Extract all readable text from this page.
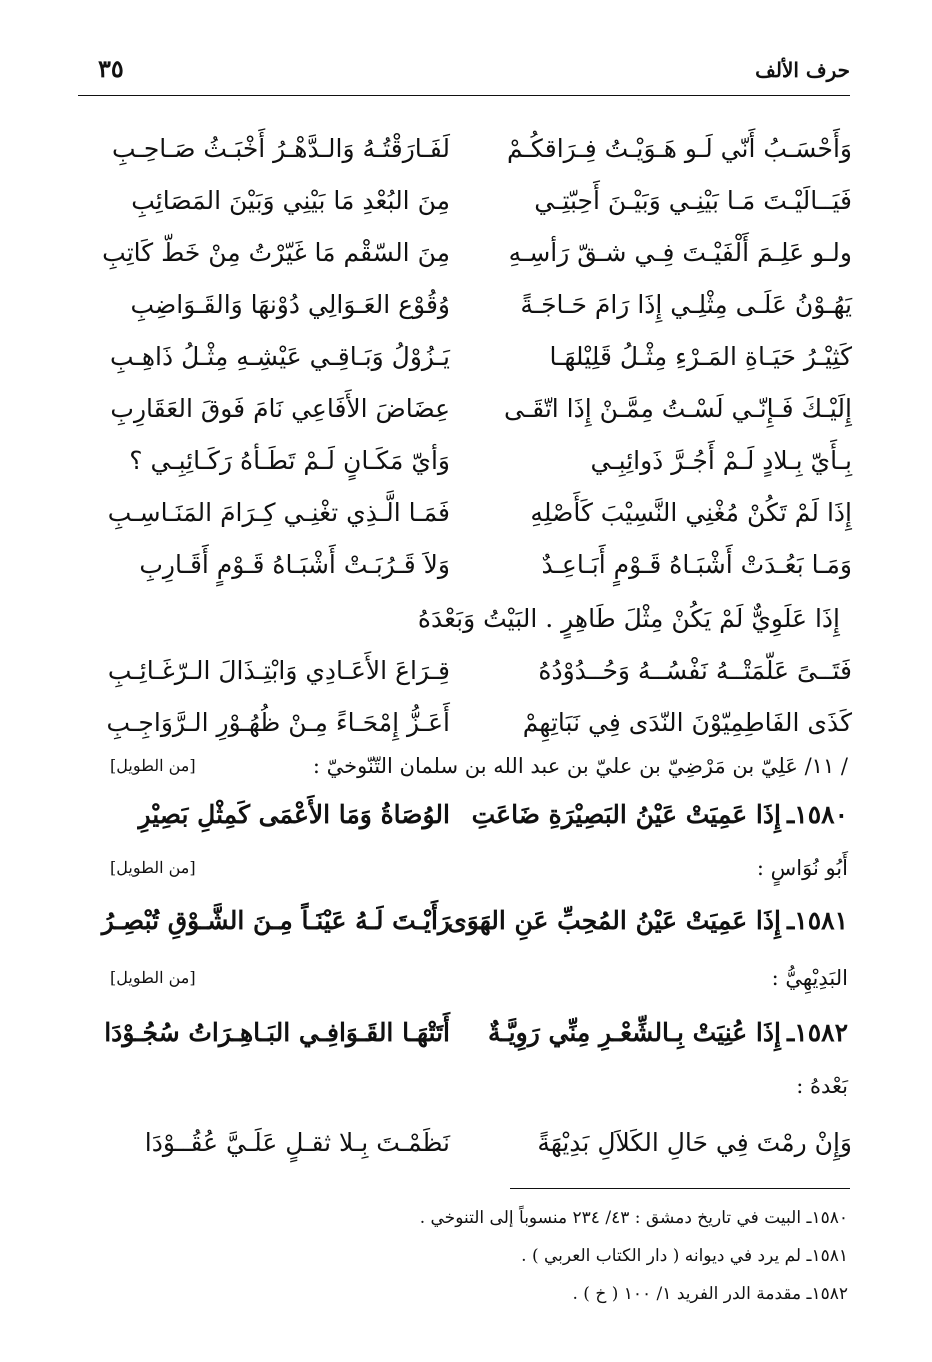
حرف الألف
٣٥
وَأَحْسَـبُ أَنّي لَـو هَـوَيْـتُ فِـرَاقكُـمْ
لَفَـارَقْتُـهُ وَالـدَّهْـرُ أَخْبَـثُ صَـاحِـبِ
فَيَــالَيْـتَ مَـا بَيْنِـي وَبَيْـنَ أَحِبّتِـي
مِنَ البُعْدِ مَا بَيْنِي وَبَيْنَ المَصَائِبِ
ولـو عَلِـمَ أَلْفَيْـتَ فِـي شـقّ رَأسِـهِ
مِنَ السّقْم مَا غَيّرْتُ مِنْ خَطّ كَاتِبِ
يَهُـوْنُ عَلَـى مِثْلِـي إِذَا رَامَ حَـاجَـةً
وُقُوْع العَـوَالِي دُوْنهَا وَالقَـوَاضِبِ
كَثِيْـرُ حَيَـاةِ المَـرْءِ مِثْـلُ قَلِيْلهَـا
يَـزُوْلُ وَبَـاقِـي عَيْشِـهِ مِثْـلُ ذَاهِـبِ
إِلَيْـكَ فَـإِنّـي لَسْـتُ مِمَّـنْ إِذَا اتّقَـى
عِضَاضَ الأَفَاعِي نَامَ فَوقَ العَقَارِبِ
بِـأَيّ بِـلادٍ لَـمْ أَجُـرَّ ذَوائِبِـي
وَأيّ مَكَـانٍ لَـمْ تَطَـأهُ رَكَـائِبِـي ؟
إِذَا لَمْ تَكُنْ مُغْنِي النَّسِيْبَ كَأَصْلِهِ
فَمَـا الَّـذِي تغْنِـي كِـرَامَ المَنَـاسِـبِ
وَمَـا بَعُـدَتْ أَشْبَـاهُ قَـوْمٍ أَبَـاعِـدٌ
وَلاَ قَـرُبَـتْ أَشْبَـاهُ قَـوْمٍ أَقَـارِبِ
إِذَا عَلَوِيٌّ لَمْ يَكُنْ مِثْلَ طَاهِرٍ . البَيْتُ وَبَعْدَهُ
فَتَــىً عَلّمَتْــهُ نَفْسُــهُ وَحُــدُوْدُهُ
قِـرَاعَ الأَعَـادِي وَابْتِـذَالَ الـرّغَـائِـبِ
كَذَى الفَاطِمِيّوْنَ النّدَى فِي نَبَاتِهِمْ
أَعَـزُّ إِمْحَـاءً مِـنْ ظُهُـوْرِ الـرَّوَاجِـبِ
/ ١١/ عَلِيّ بن مَرْضِيّ بن عليّ بن عبد الله بن سلمان التّنّوخيّ :
[من الطويل]
١٥٨٠ـإِذَا عَمِيَتْ عَيْنُ البَصِيْرَةِ ضَاعَتِ
الوُصَاةُ وَمَا الأَعْمَى كَمِثْلِ بَصِيْرِ
أَبُو نُوَاسٍ :
[من الطويل]
١٥٨١ـإِذَا عَمِيَتْ عَيْنُ المُحِبِّ عَنِ الهَوَى
رَأَيْـتَ لَـهُ عَيْنَـاً مِـنَ الشَّـوْقِ تُبْصِـرُ
البَدِيْهِيُّ :
[من الطويل]
١٥٨٢ـإِذَا عُنِيَتْ بِـالشِّعْـرِ مِنِّي رَوِيَّـةٌ
أَتَتْهَـا القَـوَافِـي البَـاهِـرَاتُ سُجُـوْدَا
بَعْدهُ :
وَإِنْ رمْتَ فِي حَالِ الكَلاَلِ بَدِيْهَةً
نَظَمْـتَ بِـلا ثقـلٍ عَلَـيَّ عُقُــوْدَا
١٥٨٠ـ البيت في تاريخ دمشق : ٤٣/ ٢٣٤ منسوباً إلى التنوخي .
١٥٨١ـ لم يرد في ديوانه ( دار الكتاب العربي ) .
١٥٨٢ـ مقدمة الدر الفريد ١/ ١٠٠ ( خ ) .
